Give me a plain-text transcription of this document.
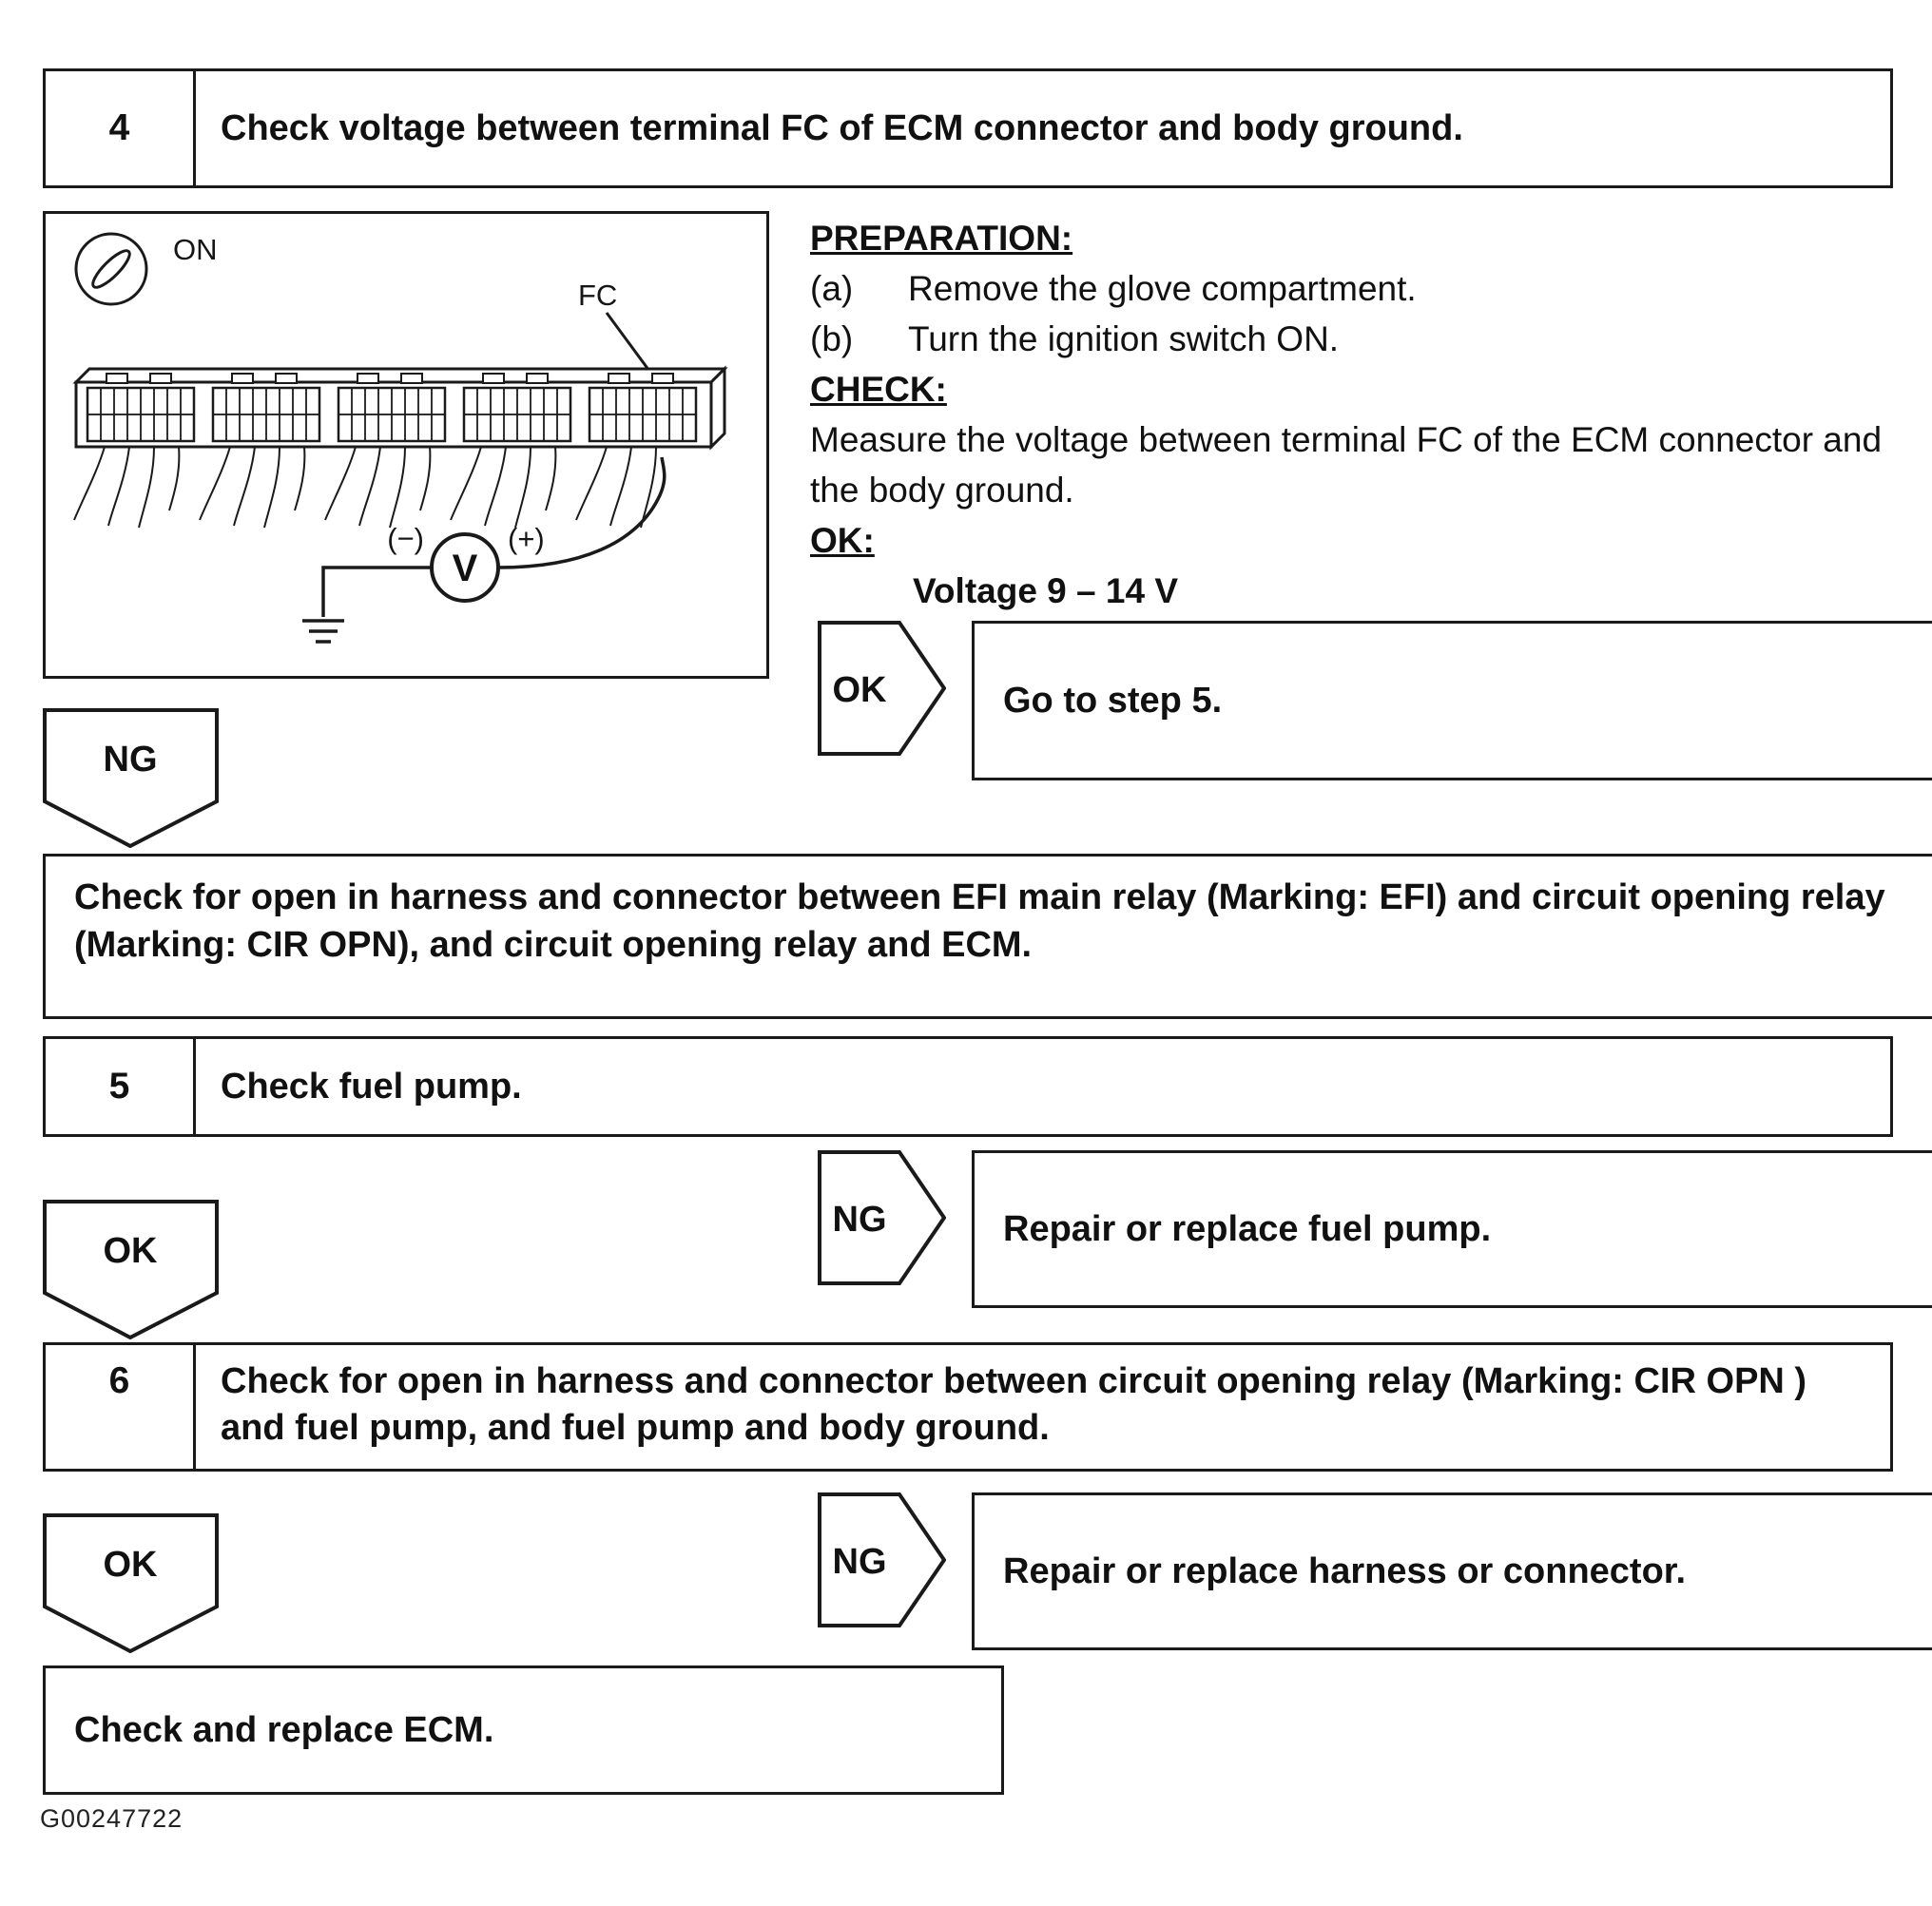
4	Check voltage between terminal FC of ECM connector and body ground.
ON
FC
V
(−)	(+)
PREPARATION:
(a)	Remove the glove compartment.
(b)	Turn the ignition switch ON.
CHECK:
Measure the voltage between terminal FC of the ECM connector and the body ground.
OK:
Voltage 9 – 14 V
OK	Go to step 5.
NG
Check for open in harness and connector between EFI main relay (Marking: EFI) and circuit opening relay (Marking: CIR OPN), and circuit opening relay and ECM.
5	Check fuel pump.
NG	Repair or replace fuel pump.
OK
6	Check for open in harness and connector between circuit opening relay (Marking: CIR OPN ) and fuel pump, and fuel pump and body ground.
NG	Repair or replace harness or connector.
OK
Check and replace ECM.
G00247722
